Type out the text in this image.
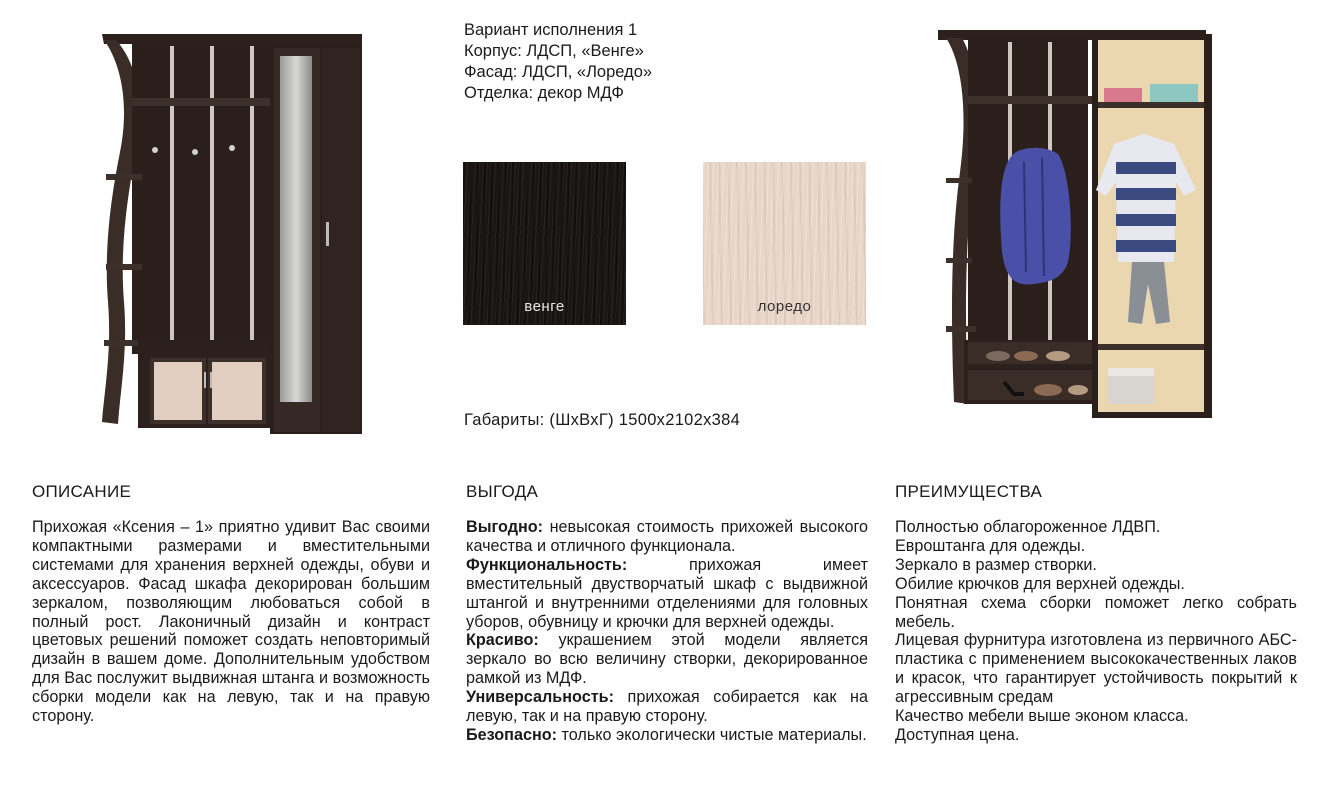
Вариант исполнения 1
Корпус: ЛДСП, «Венге»
Фасад: ЛДСП, «Лоредо»
Отделка: декор МДФ
венге	лоредо
Габариты: (ШхВхГ) 1500х2102х384
ОПИСАНИЕ
Прихожая «Ксения – 1» приятно удивит Вас своими компактными размерами и вместительными системами для хранения верхней одежды, обуви и аксессуаров. Фасад шкафа декорирован большим зеркалом, позволяющим любоваться собой в полный рост. Лаконичный дизайн и контраст цветовых решений поможет создать неповторимый дизайн в вашем доме. Дополнительным удобством для Вас послужит выдвижная штанга и возможность сборки модели как на левую, так и на правую сторону.
ВЫГОДА

Выгодно: невысокая стоимость прихожей высокого качества и отличного функционала.

Функциональность: прихожая имеет вместительный двустворчатый шкаф с выдвижной штангой и внутренними отделениями для головных уборов, обувницу и крючки для верхней одежды.

Красиво: украшением этой модели является зеркало во всю величину створки, декорированное рамкой из МДФ.

Универсальность: прихожая собирается как на левую, так и на правую сторону.

Безопасно: только экологически чистые материалы.

ПРЕИМУЩЕСТВА

Полностью облагороженное ЛДВП.

Еврoштанга для одежды.

Зеркало в размер створки.

Обилие крючков для верхней одежды.

Понятная схема сборки поможет легко собрать мебель.

Лицевая фурнитура изготовлена из первичного АБС-пластика с применением высококачественных лаков и красок, что гарантирует устойчивость покрытий к агрессивным средам

Качество мебели выше эконом класса.

Доступная цена.
